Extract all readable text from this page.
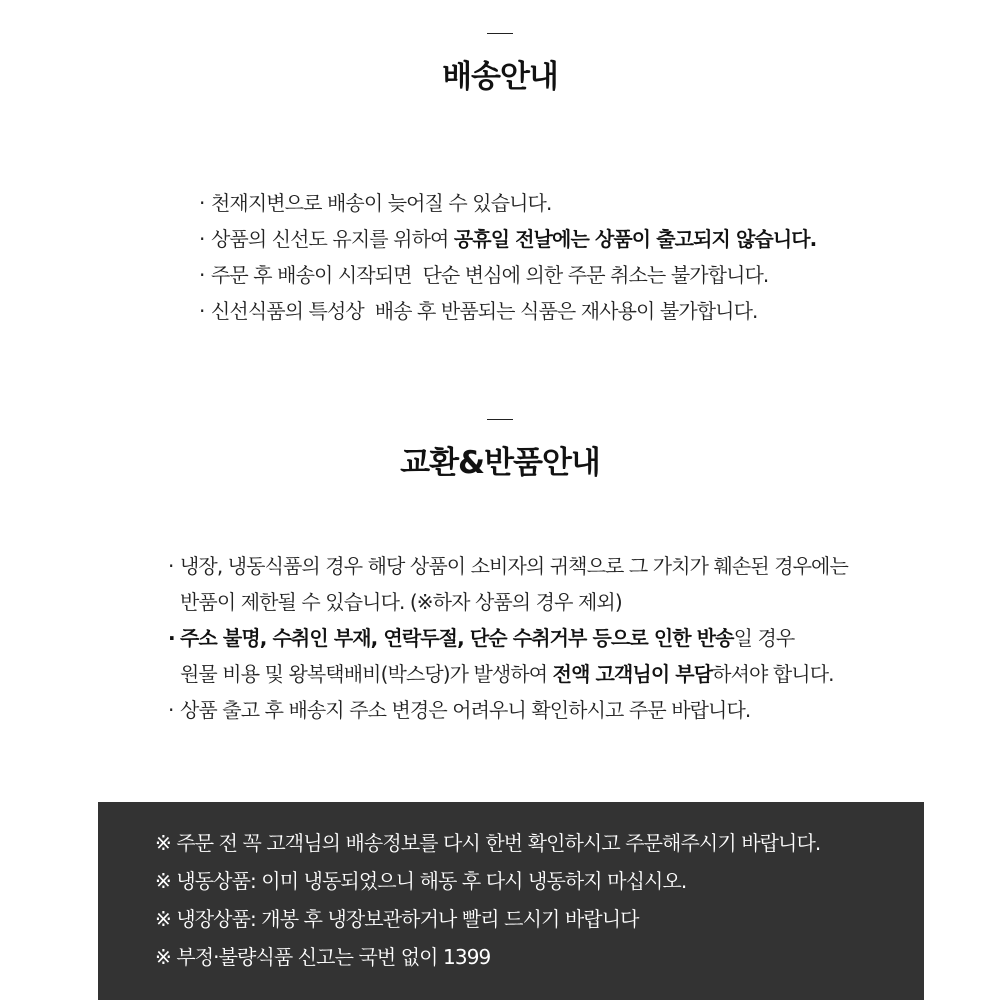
배송안내
· 천재지변으로 배송이 늦어질 수 있습니다.
· 상품의 신선도 유지를 위하여 공휴일 전날에는 상품이 출고되지 않습니다.
· 주문 후 배송이 시작되면  단순 변심에 의한 주문 취소는 불가합니다.
· 신선식품의 특성상  배송 후 반품되는 식품은 재사용이 불가합니다.
교환&반품안내
· 냉장, 냉동식품의 경우 해당 상품이 소비자의 귀책으로 그 가치가 훼손된 경우에는
반품이 제한될 수 있습니다. (※하자 상품의 경우 제외)
· 주소 불명, 수취인 부재, 연락두절, 단순 수취거부 등으로 인한 반송일 경우
원물 비용 및 왕복택배비(박스당)가 발생하여 전액 고객님이 부담하셔야 합니다.
· 상품 출고 후 배송지 주소 변경은 어려우니 확인하시고 주문 바랍니다.
※ 주문 전 꼭 고객님의 배송정보를 다시 한번 확인하시고 주문해주시기 바랍니다.
※ 냉동상품: 이미 냉동되었으니 해동 후 다시 냉동하지 마십시오.
※ 냉장상품: 개봉 후 냉장보관하거나 빨리 드시기 바랍니다
※ 부정·불량식품 신고는 국번 없이 1399
